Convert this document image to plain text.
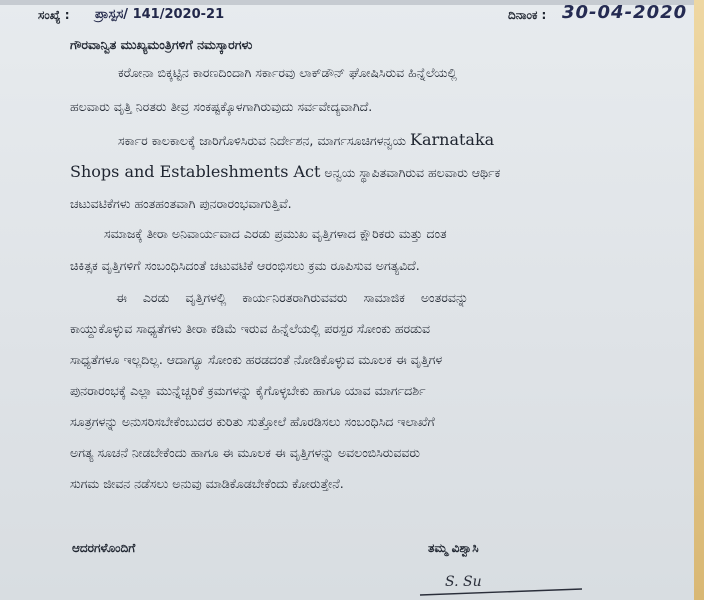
ಸಂಖ್ಯೆ : ಪ್ರಾಸ್ಪಸ/ 141/2020-21	ದಿನಾಂಕ : 30-04-2020
ಗೌರವಾನ್ವಿತ ಮುಖ್ಯಮಂತ್ರಿಗಳಿಗೆ ನಮಸ್ಕಾರಗಳು
ಕರೋನಾ ಬಿಕ್ಕಟ್ಟಿನ ಕಾರಣದಿಂದಾಗಿ ಸರ್ಕಾರವು ಲಾಕ್‌ಡೌನ್ ಘೋಷಿಸಿರುವ ಹಿನ್ನೆಲೆಯಲ್ಲಿ
ಹಲವಾರು ವೃತ್ತಿ ನಿರತರು ತೀವ್ರ ಸಂಕಷ್ಟಕ್ಕೊಳಗಾಗಿರುವುದು ಸರ್ವವೇದ್ಯವಾಗಿದೆ.
ಸರ್ಕಾರ ಕಾಲಕಾಲಕ್ಕೆ ಜಾರಿಗೊಳಿಸಿರುವ ನಿರ್ದೇಶನ, ಮಾರ್ಗಸೂಚಿಗಳನ್ವಯ Karnataka
Shops and Estableshments Act ಅನ್ವಯ ಸ್ಥಾಪಿತವಾಗಿರುವ ಹಲವಾರು ಆರ್ಥಿಕ
ಚಟುವಟಿಕೆಗಳು ಹಂತಹಂತವಾಗಿ ಪುನರಾರಂಭವಾಗುತ್ತಿವೆ.
ಸಮಾಜಕ್ಕೆ ತೀರಾ ಅನಿವಾರ್ಯವಾದ ಎರಡು ಪ್ರಮುಖ ವೃತ್ತಿಗಳಾದ ಕ್ಷೌರಿಕರು ಮತ್ತು ದಂತ
ಚಿಕಿತ್ಸಕ ವೃತ್ತಿಗಳಿಗೆ ಸಂಬಂಧಿಸಿದಂತೆ ಚಟುವಟಿಕೆ ಆರಂಭಿಸಲು ಕ್ರಮ ರೂಪಿಸುವ ಅಗತ್ಯವಿದೆ.
ಈ ಎರಡು ವೃತ್ತಿಗಳಲ್ಲಿ ಕಾರ್ಯನಿರತರಾಗಿರುವವರು ಸಾಮಾಜಿಕ ಅಂತರವನ್ನು
ಕಾಯ್ದುಕೊಳ್ಳುವ ಸಾಧ್ಯತೆಗಳು ತೀರಾ ಕಡಿಮೆ ಇರುವ ಹಿನ್ನೆಲೆಯಲ್ಲಿ ಪರಸ್ಪರ ಸೋಂಕು ಹರಡುವ
ಸಾಧ್ಯತೆಗಳೂ ಇಲ್ಲದಿಲ್ಲ. ಆದಾಗ್ಯೂ ಸೋಂಕು ಹರಡದಂತೆ ನೋಡಿಕೊಳ್ಳುವ ಮೂಲಕ ಈ ವೃತ್ತಿಗಳ
ಪುನರಾರಂಭಕ್ಕೆ ಎಲ್ಲಾ ಮುನ್ನೆಚ್ಚರಿಕೆ ಕ್ರಮಗಳನ್ನು ಕೈಗೊಳ್ಳಬೇಕು ಹಾಗೂ ಯಾವ ಮಾರ್ಗದರ್ಶಿ
ಸೂತ್ರಗಳನ್ನು ಅನುಸರಿಸಬೇಕೆಂಬುದರ ಕುರಿತು ಸುತ್ತೋಲೆ ಹೊರಡಿಸಲು ಸಂಬಂಧಿಸಿದ ಇಲಾಖೆಗೆ
ಅಗತ್ಯ ಸೂಚನೆ ನೀಡಬೇಕೆಂದು ಹಾಗೂ ಈ ಮೂಲಕ ಈ ವೃತ್ತಿಗಳನ್ನು ಅವಲಂಬಿಸಿರುವವರು
ಸುಗಮ ಜೀವನ ನಡೆಸಲು ಅನುವು ಮಾಡಿಕೊಡಬೇಕೆಂದು ಕೋರುತ್ತೇನೆ.
ಆದರಗಳೊಂದಿಗೆ	ತಮ್ಮ ವಿಶ್ವಾಸಿ
S. Su
